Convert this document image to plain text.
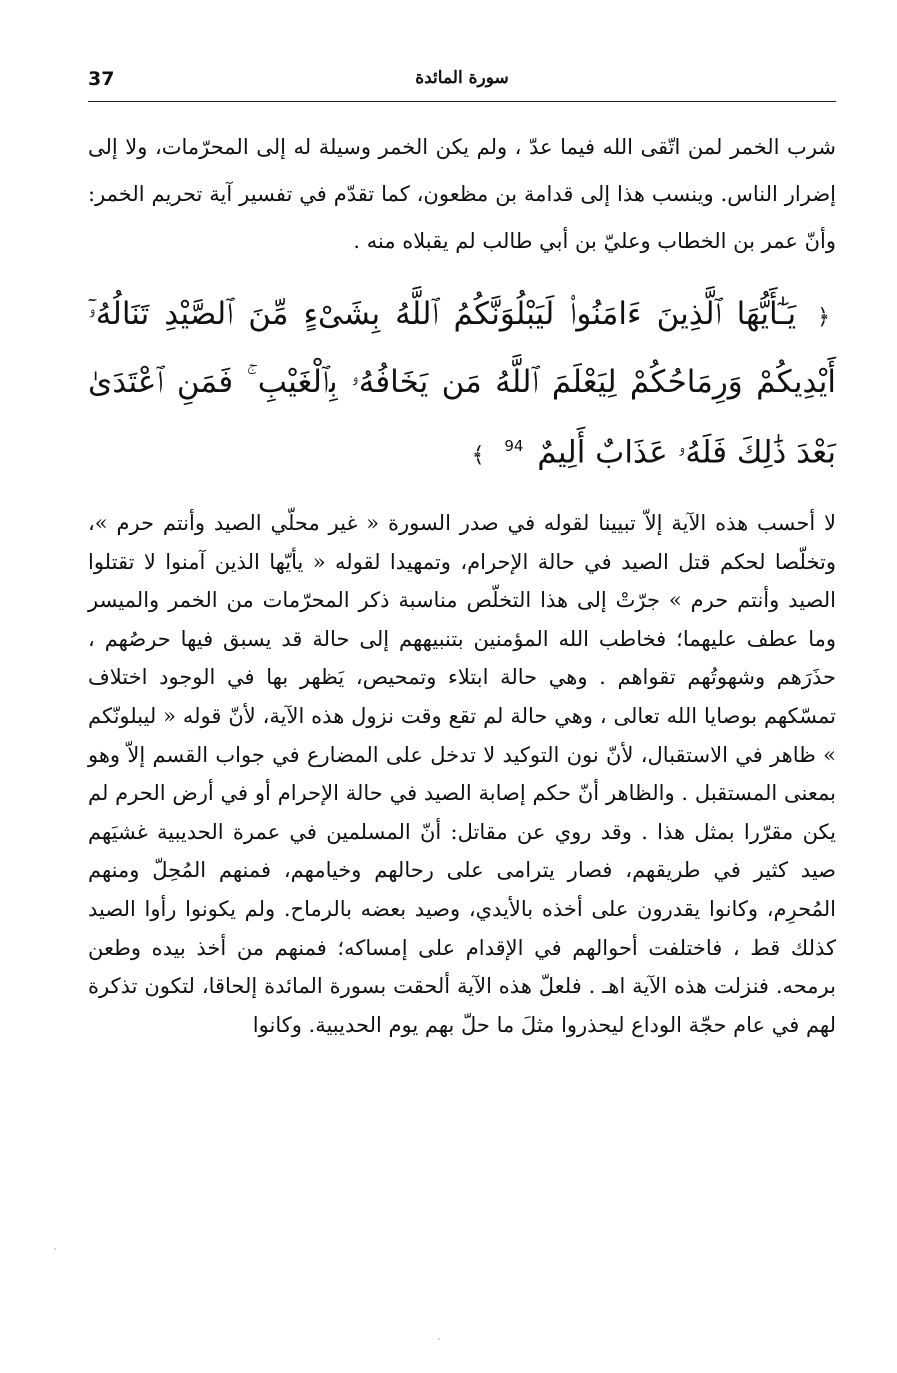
37	سورة المائدة

شرب الخمر لمن اتّقى الله فيما عدّ ، ولم يكن الخمر وسيلة له إلى المحرّمات، ولا إلى إضرار الناس. وينسب هذا إلى قدامة بن مظعون، كما تقدّم في تفسير آية تحريم الخمر: وأنّ عمر بن الخطاب وعليّ بن أبي طالب لم يقبلاه منه .

﴿ يَـٰٓأَيُّهَا ٱلَّذِينَ ءَامَنُوا۟ لَيَبْلُوَنَّكُمُ ٱللَّهُ بِشَىْءٍ مِّنَ ٱلصَّيْدِ تَنَالُهُۥٓ أَيْدِيكُمْ وَرِمَاحُكُمْ لِيَعْلَمَ ٱللَّهُ مَن يَخَافُهُۥ بِٱلْغَيْبِ ۚ فَمَنِ ٱعْتَدَىٰ بَعْدَ ذَٰلِكَ فَلَهُۥ عَذَابٌ أَلِيمٌ $^{94}$ ﴾

لا أحسب هذه الآية إلاّ تبيينا لقوله في صدر السورة « غير محلّي الصيد وأنتم حرم »، وتخلّصا لحكم قتل الصيد في حالة الإحرام، وتمهيدا لقوله « يأيّها الذين آمنوا لا تقتلوا الصيد وأنتم حرم » جرّتْ إلى هذا التخلّص مناسبة ذكر المحرّمات من الخمر والميسر وما عطف عليهما؛ فخاطب الله المؤمنين بتنبيههم إلى حالة قد يسبق فيها حرصُهم ، حذَرَهم وشهوتُهم تقواهم . وهي حالة ابتلاء وتمحيص، يَظهر بها في الوجود اختلاف تمسّكهم بوصايا الله تعالى ، وهي حالة لم تقع وقت نزول هذه الآية، لأنّ قوله « ليبلونّكم » ظاهر في الاستقبال، لأنّ نون التوكيد لا تدخل على المضارع في جواب القسم إلاّ وهو بمعنى المستقبل . والظاهر أنّ حكم إصابة الصيد في حالة الإحرام أو في أرض الحرم لم يكن مقرّرا بمثل هذا . وقد روي عن مقاتل: أنّ المسلمين في عمرة الحديبية غشيَهم صيد كثير في طريقهم، فصار يترامى على رحالهم وخيامهم، فمنهم المُحِلّ ومنهم المُحرِم، وكانوا يقدرون على أخذه بالأيدي، وصيد بعضه بالرماح. ولم يكونوا رأوا الصيد كذلك قط ، فاختلفت أحوالهم في الإقدام على إمساكه؛ فمنهم من أخذ بيده وطعن برمحه. فنزلت هذه الآية اهـ . فلعلّ هذه الآية ألحقت بسورة المائدة إلحاقا، لتكون تذكرة لهم في عام حجّة الوداع ليحذروا مثلَ ما حلّ بهم يوم الحديبية. وكانوا
